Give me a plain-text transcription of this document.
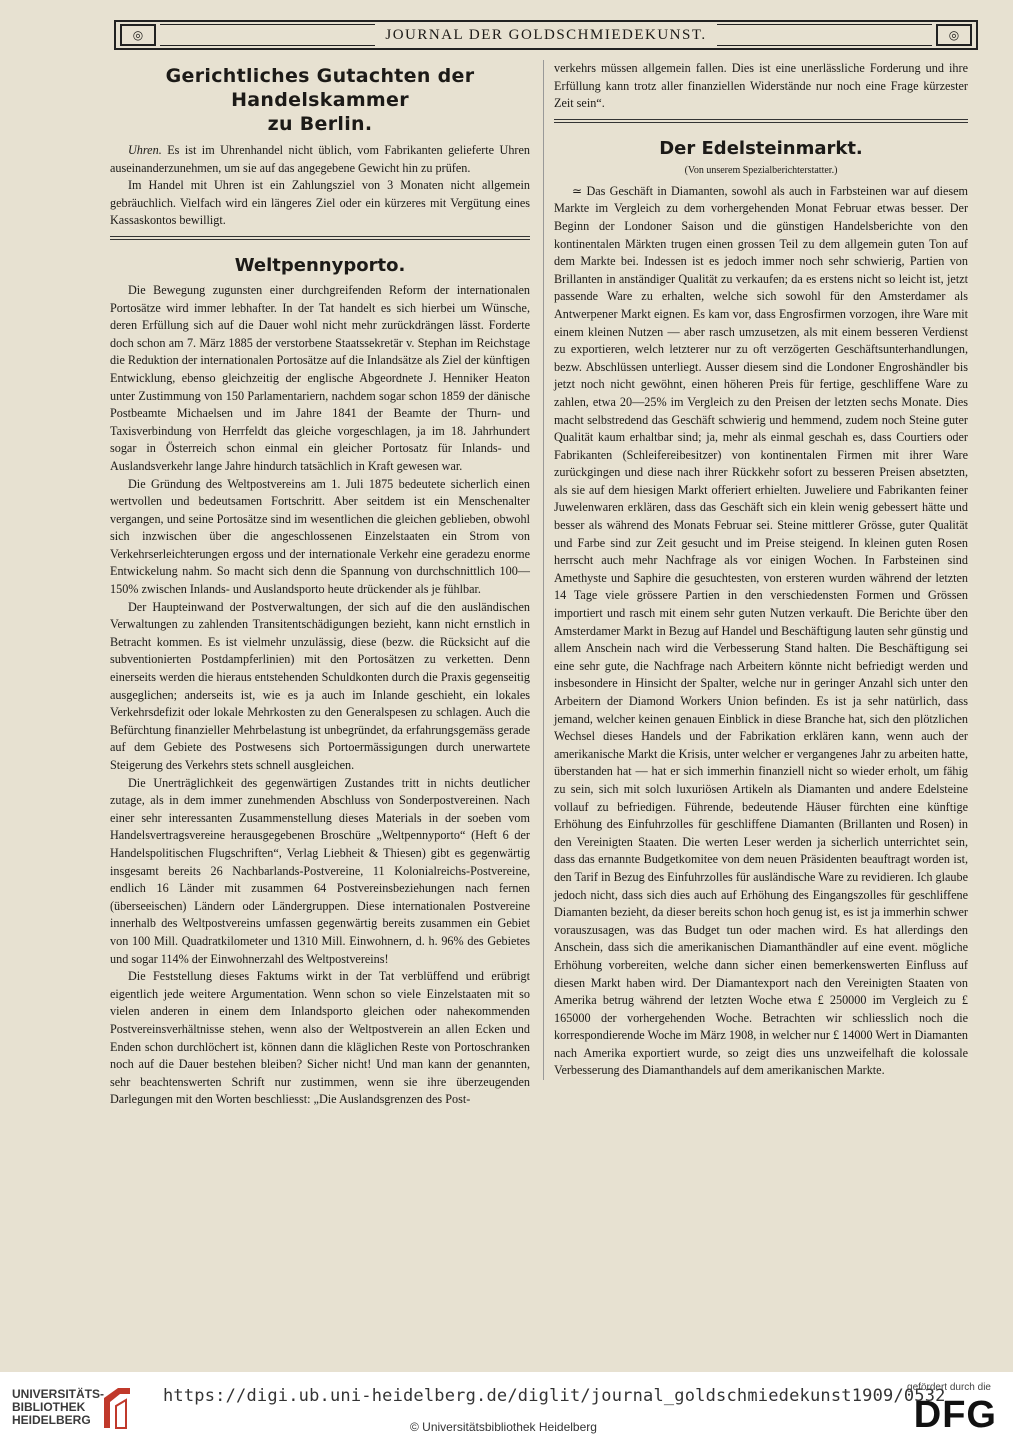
◎	JOURNAL DER GOLDSCHMIEDEKUNST.	◎
Gerichtliches Gutachten der Handelskammer
zu Berlin.

Uhren. Es ist im Uhrenhandel nicht üblich, vom Fabrikanten gelieferte Uhren auseinanderzunehmen, um sie auf das angegebene Gewicht hin zu prüfen.

Im Handel mit Uhren ist ein Zahlungsziel von 3 Monaten nicht allgemein gebräuchlich. Vielfach wird ein längeres Ziel oder ein kürzeres mit Vergütung eines Kassaskontos bewilligt.

Weltpennyporto.

Die Bewegung zugunsten einer durchgreifenden Reform der internationalen Portosätze wird immer lebhafter. In der Tat handelt es sich hierbei um Wünsche, deren Erfüllung sich auf die Dauer wohl nicht mehr zurückdrängen lässt. Forderte doch schon am 7. März 1885 der verstorbene Staatssekretär v. Stephan im Reichstage die Reduktion der internationalen Portosätze auf die Inlandsätze als Ziel der künftigen Entwicklung, ebenso gleichzeitig der englische Abgeordnete J. Henniker Heaton unter Zustimmung von 150 Parlamentariern, nachdem sogar schon 1859 der dänische Postbeamte Michaelsen und im Jahre 1841 der Beamte der Thurn- und Taxisverbindung von Herrfeldt das gleiche vorgeschlagen, ja im 18. Jahrhundert sogar in Österreich schon einmal ein gleicher Portosatz für Inlands- und Auslandsverkehr lange Jahre hindurch tatsächlich in Kraft gewesen war.

Die Gründung des Weltpostvereins am 1. Juli 1875 bedeutete sicherlich einen wertvollen und bedeutsamen Fortschritt. Aber seitdem ist ein Menschenalter vergangen, und seine Portosätze sind im wesentlichen die gleichen geblieben, obwohl sich inzwischen über die angeschlossenen Einzelstaaten ein Strom von Verkehrserleichterungen ergoss und der internationale Verkehr eine geradezu enorme Entwickelung nahm. So macht sich denn die Spannung von durchschnittlich 100—150% zwischen Inlands- und Auslandsporto heute drückender als je fühlbar.

Der Haupteinwand der Postverwaltungen, der sich auf die den ausländischen Verwaltungen zu zahlenden Transitentschädigungen bezieht, kann nicht ernstlich in Betracht kommen. Es ist vielmehr unzulässig, diese (bezw. die Rücksicht auf die subventionierten Postdampferlinien) mit den Portosätzen zu verketten. Denn einerseits werden die hieraus entstehenden Schuldkonten durch die Praxis gegenseitig ausgeglichen; anderseits ist, wie es ja auch im Inlande geschieht, ein lokales Verkehrsdefizit oder lokale Mehrkosten zu den Generalspesen zu schlagen. Auch die Befürchtung finanzieller Mehrbelastung ist unbegründet, da erfahrungsgemäss gerade auf dem Gebiete des Postwesens sich Portoermässigungen durch unerwartete Steigerung des Verkehrs stets schnell ausgleichen.

Die Unerträglichkeit des gegenwärtigen Zustandes tritt in nichts deutlicher zutage, als in dem immer zunehmenden Abschluss von Sonderpostvereinen. Nach einer sehr interessanten Zusammenstellung dieses Materials in der soeben vom Handelsvertragsvereine herausgegebenen Broschüre „Weltpennyporto“ (Heft 6 der Handelspolitischen Flugschriften“, Verlag Liebheit & Thiesen) gibt es gegenwärtig insgesamt bereits 26 Nachbarlands-Postvereine, 11 Kolonialreichs-Postvereine, endlich 16 Länder mit zusammen 64 Postvereinsbeziehungen nach fernen (überseeischen) Ländern oder Ländergruppen. Diese internationalen Postvereine innerhalb des Weltpostvereins umfassen gegenwärtig bereits zusammen ein Gebiet von 100 Mill. Quadratkilometer und 1310 Mill. Einwohnern, d. h. 96% des Gebietes und sogar 114% der Einwohnerzahl des Weltpostvereins!

Die Feststellung dieses Faktums wirkt in der Tat verblüffend und erübrigt eigentlich jede weitere Argumentation. Wenn schon so viele Einzelstaaten mit so vielen anderen in einem dem Inlandsporto gleichen oder naheкommenden Postvereinsverhältnisse stehen, wenn also der Weltpostverein an allen Ecken und Enden schon durchlöchert ist, können dann die kläglichen Reste von Portoschranken noch auf die Dauer bestehen bleiben? Sicher nicht! Und man kann der genannten, sehr beachtenswerten Schrift nur zustimmen, wenn sie ihre überzeugenden Darlegungen mit den Worten beschliesst: „Die Auslandsgrenzen des Post-

verkehrs müssen allgemein fallen. Dies ist eine unerlässliche Forderung und ihre Erfüllung kann trotz aller finanziellen Widerstände nur noch eine Frage kürzester Zeit sein“.

Der Edelsteinmarkt.
(Von unserem Spezialberichterstatter.)

≃ Das Geschäft in Diamanten, sowohl als auch in Farbsteinen war auf diesem Markte im Vergleich zu dem vorhergehenden Monat Februar etwas besser. Der Beginn der Londoner Saison und die günstigen Handelsberichte von den kontinentalen Märkten trugen einen grossen Teil zu dem allgemein guten Ton auf dem Markte bei. Indessen ist es jedoch immer noch sehr schwierig, Partien von Brillanten in anständiger Qualität zu verkaufen; da es erstens nicht so leicht ist, jetzt passende Ware zu erhalten, welche sich sowohl für den Amsterdamer als Antwerpener Markt eignen. Es kam vor, dass Engrosfirmen vorzogen, ihre Ware mit einem kleinen Nutzen — aber rasch umzusetzen, als mit einem besseren Verdienst zu exportieren, welch letzterer nur zu oft verzögerten Geschäftsunterhandlungen, bezw. Abschlüssen unterliegt. Ausser diesem sind die Londoner Engroshändler bis jetzt noch nicht gewöhnt, einen höheren Preis für fertige, geschliffene Ware zu zahlen, etwa 20—25% im Vergleich zu den Preisen der letzten sechs Monate. Dies macht selbstredend das Geschäft schwierig und hemmend, zudem noch Steine guter Qualität kaum erhaltbar sind; ja, mehr als einmal geschah es, dass Courtiers oder Fabrikanten (Schleifereibesitzer) von kontinentalen Firmen mit ihrer Ware zurückgingen und diese nach ihrer Rückkehr sofort zu besseren Preisen absetzten, als sie auf dem hiesigen Markt offeriert erhielten. Juweliere und Fabrikanten feiner Juwelenwaren erklären, dass das Geschäft sich ein klein wenig gebessert hätte und besser als während des Monats Februar sei. Steine mittlerer Grösse, guter Qualität und Farbe sind zur Zeit gesucht und im Preise steigend. In kleinen guten Rosen herrscht auch mehr Nachfrage als vor einigen Wochen. In Farbsteinen sind Amethyste und Saphire die gesuchtesten, von ersteren wurden während der letzten 14 Tage viele grössere Partien in den verschiedensten Formen und Grössen importiert und rasch mit einem sehr guten Nutzen verkauft. Die Berichte über den Amsterdamer Markt in Bezug auf Handel und Beschäftigung lauten sehr günstig und allem Anschein nach wird die Verbesserung Stand halten. Die Beschäftigung sei eine sehr gute, die Nachfrage nach Arbeitern könnte nicht befriedigt werden und insbesondere in Hinsicht der Spalter, welche nur in geringer Anzahl sich unter den Arbeitern der Diamond Workers Union befinden. Es ist ja sehr natürlich, dass jemand, welcher keinen genauen Einblick in diese Branche hat, sich den plötzlichen Wechsel dieses Handels und der Fabrikation erklären kann, wenn auch der amerikanische Markt die Krisis, unter welcher er vergangenes Jahr zu arbeiten hatte, überstanden hat — hat er sich immerhin finanziell nicht so wieder erholt, um fähig zu sein, sich mit solch luxuriösen Artikeln als Diamanten und andere Edelsteine vollauf zu befriedigen. Führende, bedeutende Häuser fürchten eine künftige Erhöhung des Einfuhrzolles für geschliffene Diamanten (Brillanten und Rosen) in den Vereinigten Staaten. Die werten Leser werden ja sicherlich unterrichtet sein, dass das ernannte Budgetkomitee von dem neuen Präsidenten beauftragt worden ist, den Tarif in Bezug des Einfuhrzolles für ausländische Ware zu revidieren. Ich glaube jedoch nicht, dass sich dies auch auf Erhöhung des Eingangszolles für geschliffene Diamanten bezieht, da dieser bereits schon hoch genug ist, es ist ja immerhin schwer vorauszusagen, was das Budget tun oder machen wird. Es hat allerdings den Anschein, dass sich die amerikanischen Diamanthändler auf eine event. mögliche Erhöhung vorbereiten, welche dann sicher einen bemerkenswerten Einfluss auf diesen Markt haben wird. Der Diamantexport nach den Vereinigten Staaten von Amerika betrug während der letzten Woche etwa £ 250000 im Vergleich zu £ 165000 der vorhergehenden Woche. Betrachten wir schliesslich noch die korrespondierende Woche im März 1908, in welcher nur £ 14000 Wert in Diamanten nach Amerika exportiert wurde, so zeigt dies uns unzweifelhaft die kolossale Verbesserung des Diamanthandels auf dem amerikanischen Markte.

UNIVERSITÄTS-
BIBLIOTHEK
HEIDELBERG
https://digi.ub.uni-heidelberg.de/diglit/journal_goldschmiedekunst1909/0532
© Universitätsbibliothek Heidelberg
gefördert durch die
DFG
